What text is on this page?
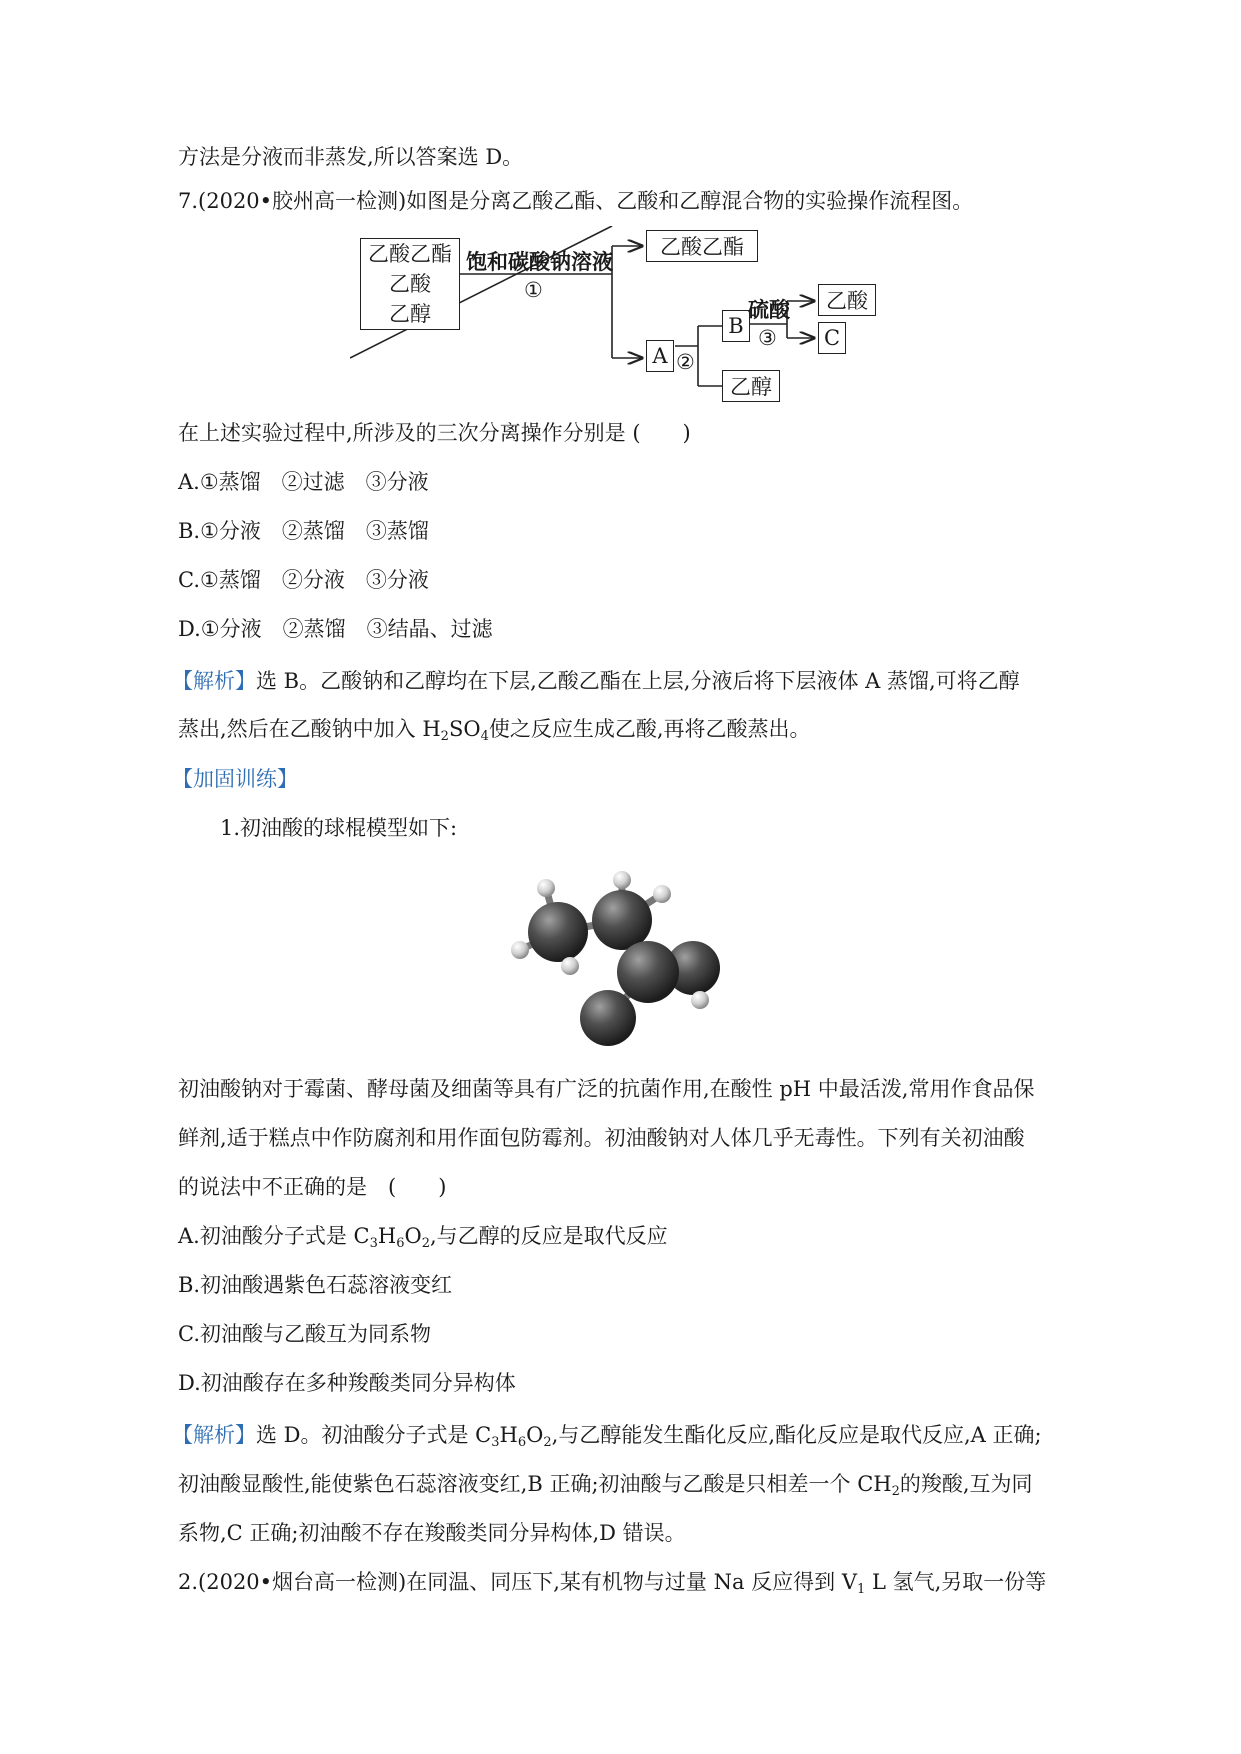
方法是分液而非蒸发,所以答案选 D。
7.(2020•胶州高一检测)如图是分离乙酸乙酯、乙酸和乙醇混合物的实验操作流程图。
乙酸乙酯
乙酸
乙醇
饱和碳酸钠溶液
①
乙酸乙酯
A ②
B
乙醇
硫酸
③
乙酸
C
在上述实验过程中,所涉及的三次分离操作分别是 (　　)
A.①蒸馏　②过滤　③分液
B.①分液　②蒸馏　③蒸馏
C.①蒸馏　②分液　③分液
D.①分液　②蒸馏　③结晶、过滤
【解析】选 B。乙酸钠和乙醇均在下层,乙酸乙酯在上层,分液后将下层液体 A 蒸馏,可将乙醇
蒸出,然后在乙酸钠中加入 $H_2SO_4$使之反应生成乙酸,再将乙酸蒸出。
【加固训练】
1.初油酸的球棍模型如下:
初油酸钠对于霉菌、酵母菌及细菌等具有广泛的抗菌作用,在酸性 pH 中最活泼,常用作食品保
鲜剂,适于糕点中作防腐剂和用作面包防霉剂。初油酸钠对人体几乎无毒性。下列有关初油酸
的说法中不正确的是　(　　)
A.初油酸分子式是 $C_3H_6O_2$,与乙醇的反应是取代反应
B.初油酸遇紫色石蕊溶液变红
C.初油酸与乙酸互为同系物
D.初油酸存在多种羧酸类同分异构体
【解析】选 D。初油酸分子式是 $C_3H_6O_2$,与乙醇能发生酯化反应,酯化反应是取代反应,A 正确;
初油酸显酸性,能使紫色石蕊溶液变红,B 正确;初油酸与乙酸是只相差一个 $CH_2$的羧酸,互为同
系物,C 正确;初油酸不存在羧酸类同分异构体,D 错误。
2.(2020•烟台高一检测)在同温、同压下,某有机物与过量 Na 反应得到 $V_1$ L 氢气,另取一份等
